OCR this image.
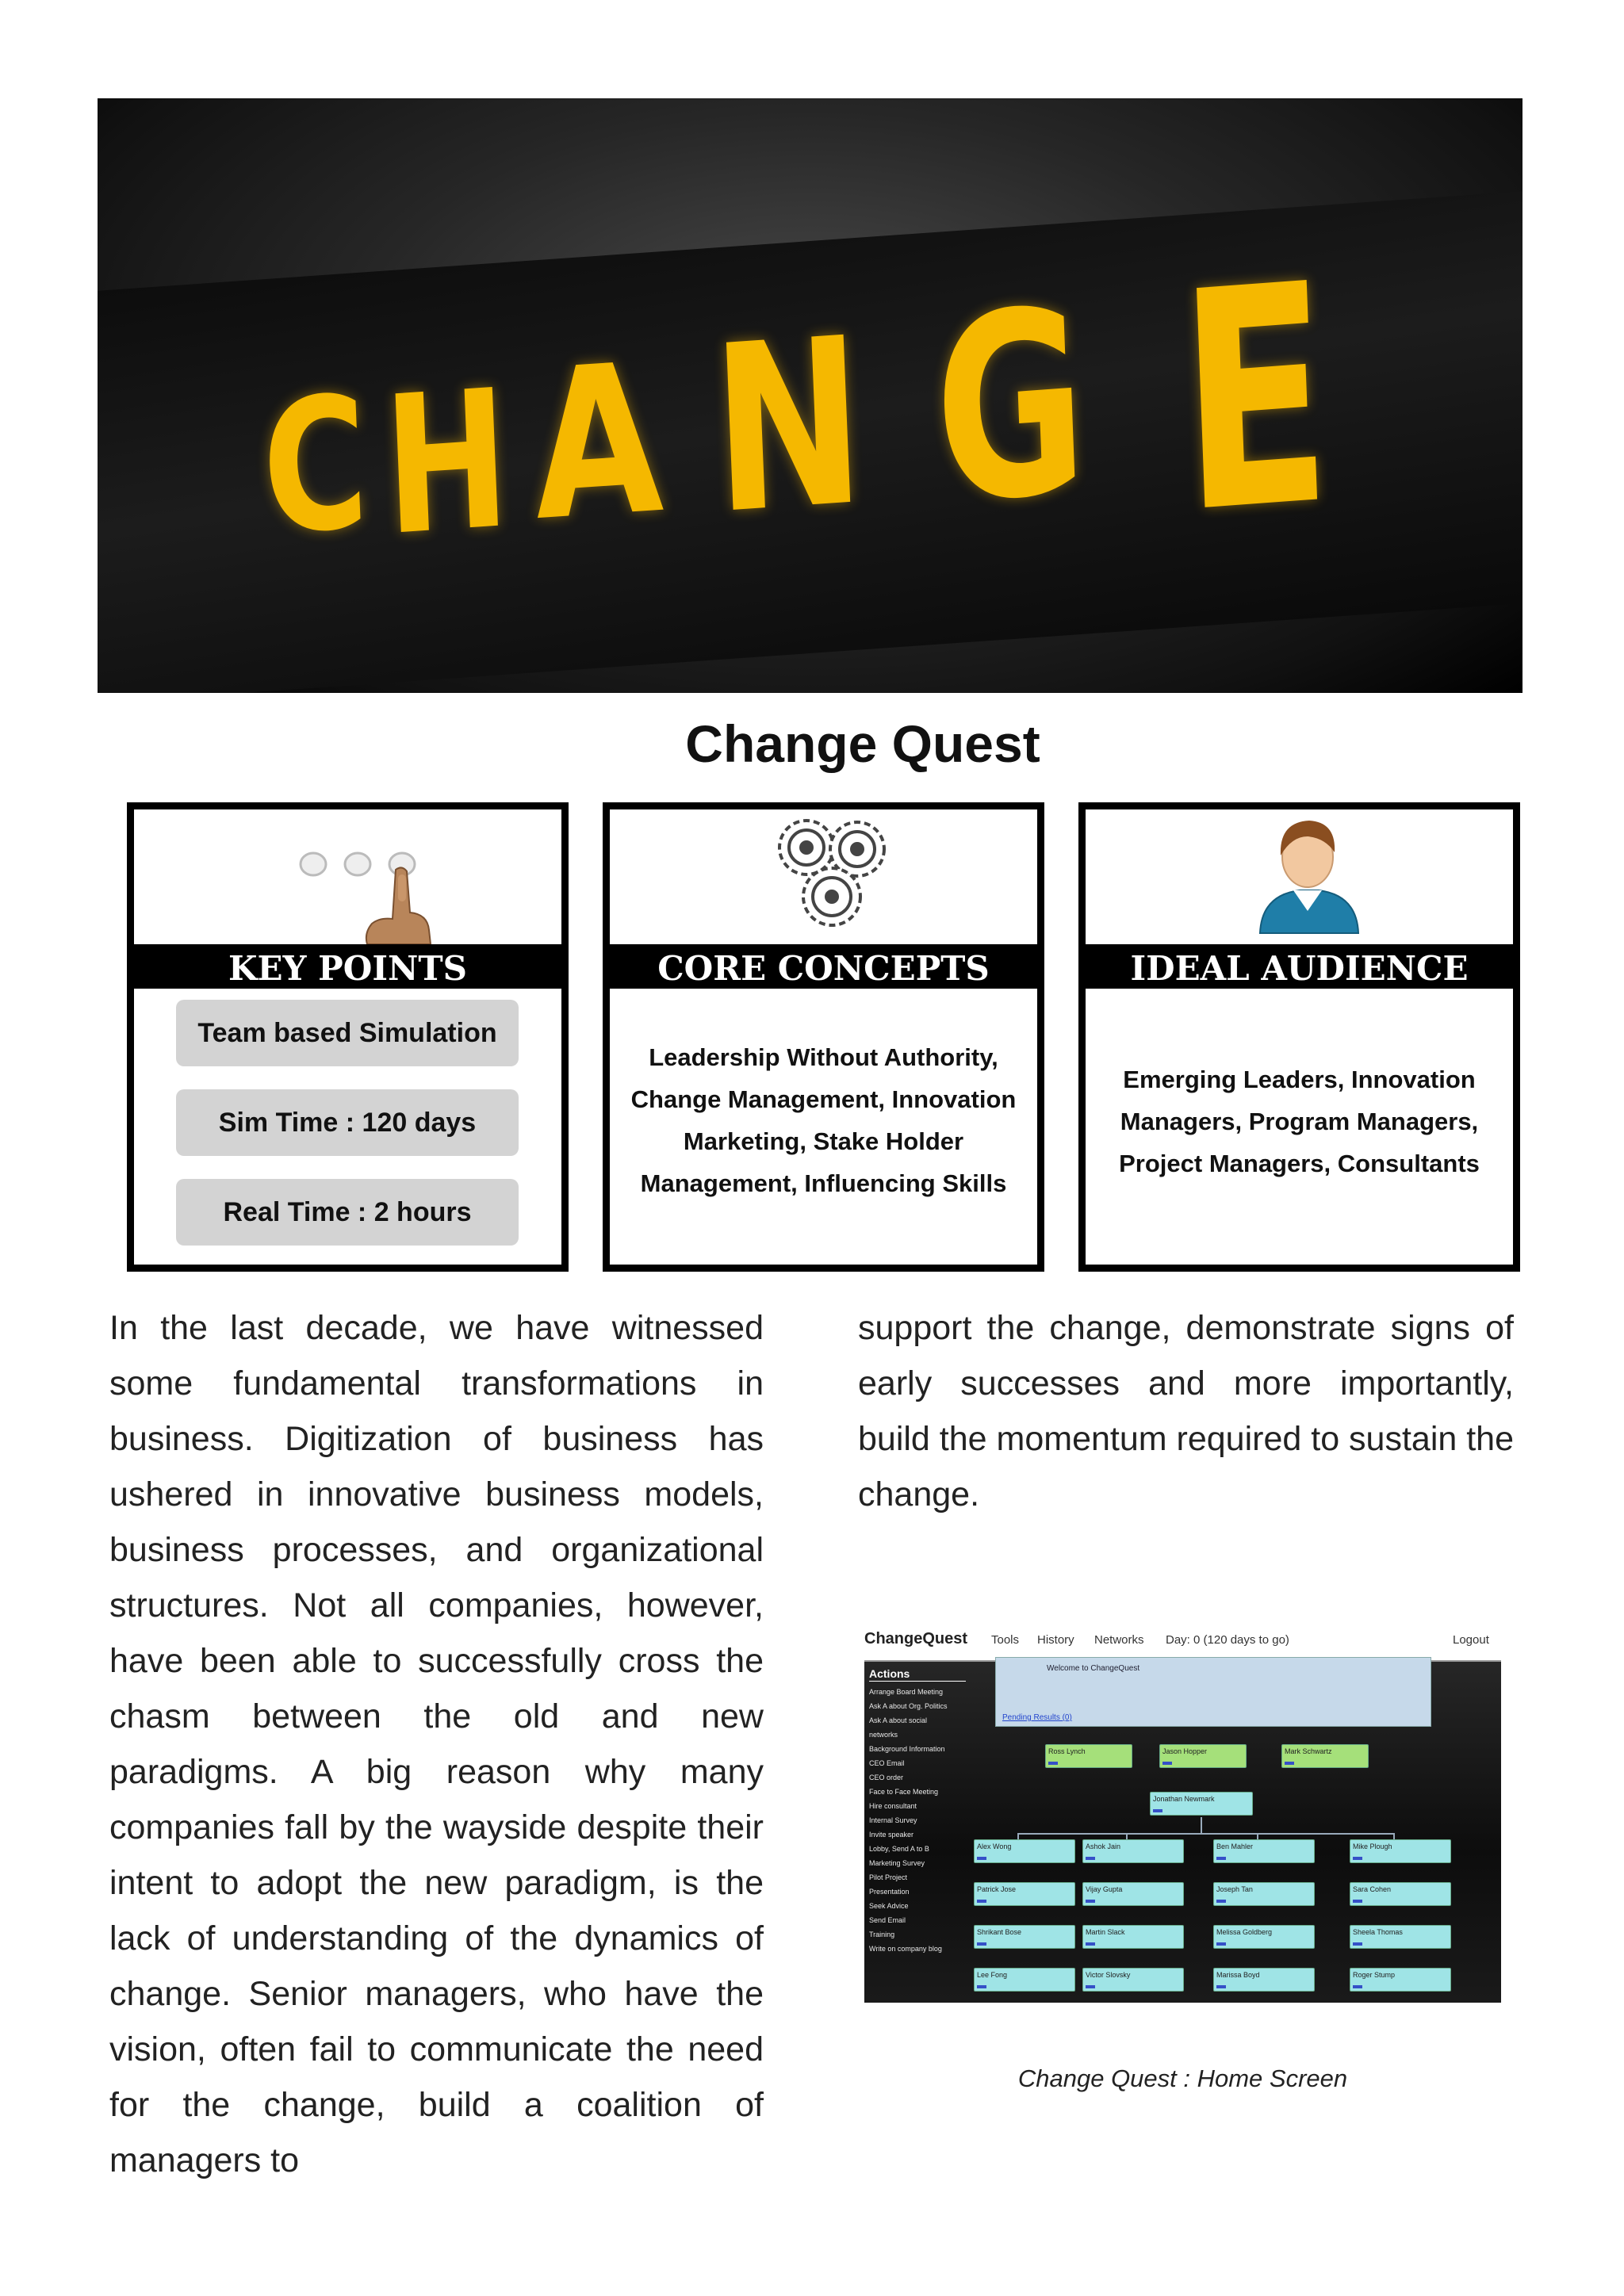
C H A N G E
Change Quest
KEY POINTS
Team based Simulation
Sim Time : 120 days
Real Time : 2 hours
CORE CONCEPTS
Leadership Without Authority,
Change Management, Innovation
Marketing, Stake Holder
Management, Influencing Skills
IDEAL AUDIENCE
Emerging Leaders, Innovation
Managers, Program Managers,
Project Managers, Consultants

In the last decade, we have witnessed some fundamental transformations in business. Digitization of business has ushered in innovative business models, business processes, and organizational structures. Not all companies, however, have been able to successfully cross the chasm between the old and new paradigms. A big reason why many companies fall by the wayside despite their intent to adopt the new paradigm, is the lack of understanding of the dynamics of change. Senior managers, who have the vision, often fail to communicate the need for the change, build a coalition of managers to

support the change, demonstrate signs of early successes and more importantly, build the momentum required to sustain the change.

ChangeQuest Tools History Networks Day: 0 (120 days to go)	Logout
Actions
Arrange Board Meeting
Ask A about Org. Politics
Ask A about social
networks
Background Information
CEO Email
CEO order
Face to Face Meeting
Hire consultant
Internal Survey
Invite speaker
Lobby, Send A to B
Marketing Survey
Pilot Project
Presentation
Seek Advice
Send Email
Training
Write on company blog
Welcome to ChangeQuest
Pending Results (0)
Ross Lynch	Jason Hopper	Mark Schwartz
Jonathan Newmark
Alex Wong	Ashok Jain	Ben Mahler	Mike Plough
Patrick Jose	Vijay Gupta	Joseph Tan	Sara Cohen
Shrikant Bose	Martin Slack	Melissa Goldberg	Sheela Thomas
Lee Fong	Victor Slovsky	Marissa Boyd	Roger Stump
Change Quest : Home Screen
